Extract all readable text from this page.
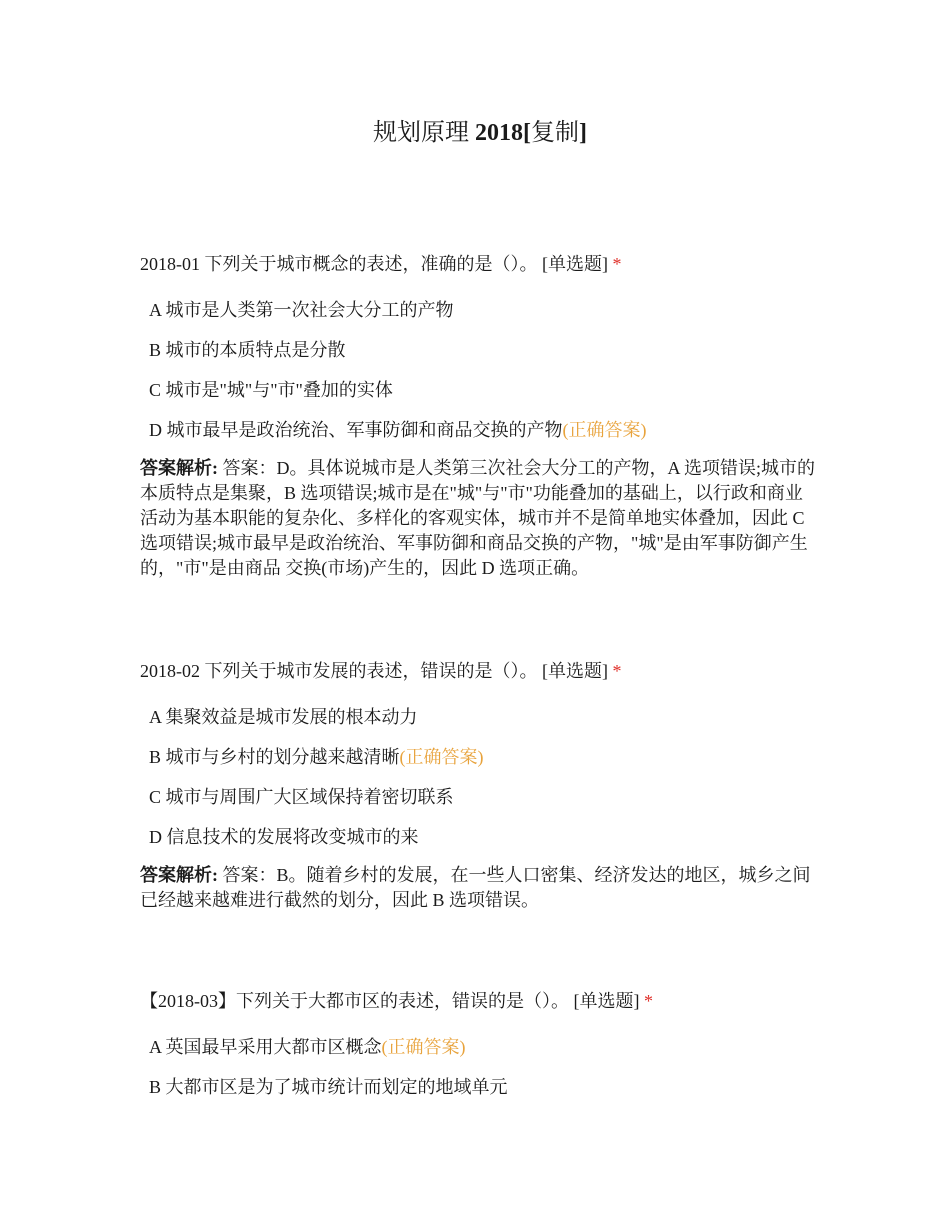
规划原理 2018[复制]
2018-01 下列关于城市概念的表述，准确的是（）。 [单选题] *
A 城市是人类第一次社会大分工的产物
B 城市的本质特点是分散
C 城市是"城"与"市"叠加的实体
D 城市最早是政治统治、军事防御和商品交换的产物(正确答案)
答案解析: 答案：D。具体说城市是人类第三次社会大分工的产物，A 选项错误;城市的本质特点是集聚，B 选项错误;城市是在"城"与"市"功能叠加的基础上，以行政和商业活动为基本职能的复杂化、多样化的客观实体，城市并不是简单地实体叠加，因此 C 选项错误;城市最早是政治统治、军事防御和商品交换的产物，"城"是由军事防御产生的，"市"是由商品 交换(市场)产生的，因此 D 选项正确。
2018-02 下列关于城市发展的表述，错误的是（）。 [单选题] *
A 集聚效益是城市发展的根本动力
B 城市与乡村的划分越来越清晰(正确答案)
C 城市与周围广大区域保持着密切联系
D 信息技术的发展将改变城市的来
答案解析: 答案：B。随着乡村的发展，在一些人口密集、经济发达的地区，城乡之间已经越来越难进行截然的划分，因此 B 选项错误。
【2018-03】下列关于大都市区的表述，错误的是（）。 [单选题] *
A 英国最早采用大都市区概念(正确答案)
B 大都市区是为了城市统计而划定的地域单元
